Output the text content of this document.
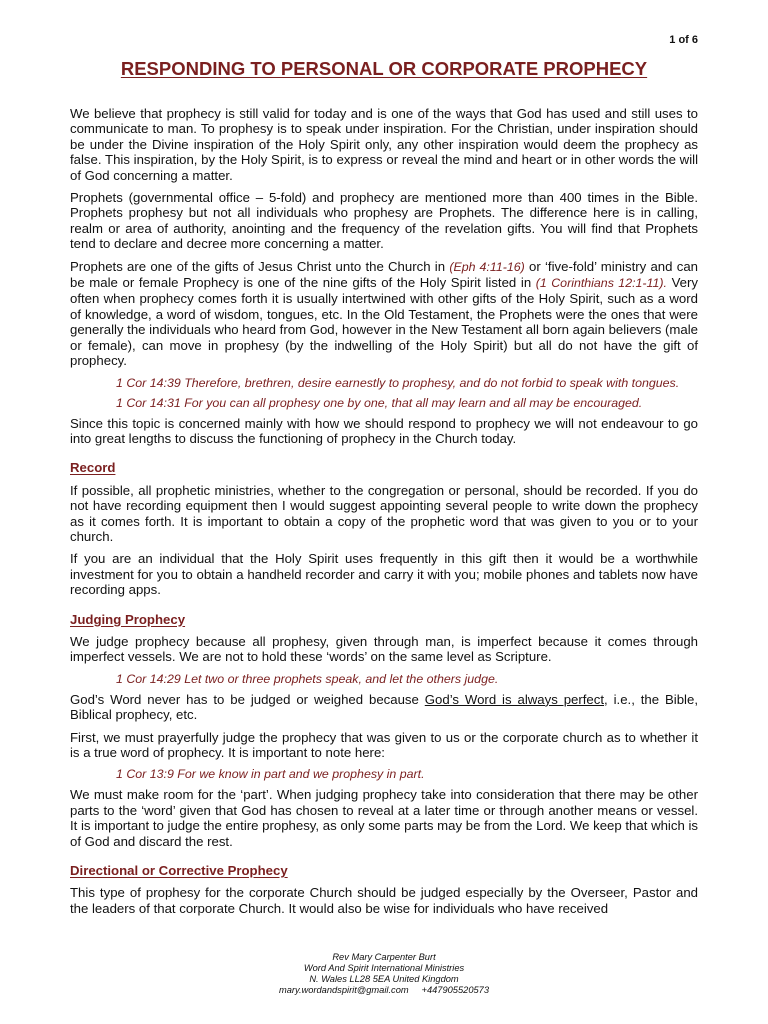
1 of 6
RESPONDING TO PERSONAL OR CORPORATE PROPHECY

We believe that prophecy is still valid for today and is one of the ways that God has used and still uses to communicate to man. To prophesy is to speak under inspiration. For the Christian, under inspiration should be under the Divine inspiration of the Holy Spirit only, any other inspiration would deem the prophecy as false. This inspiration, by the Holy Spirit, is to express or reveal the mind and heart or in other words the will of God concerning a matter.

Prophets (governmental office – 5-fold) and prophecy are mentioned more than 400 times in the Bible. Prophets prophesy but not all individuals who prophesy are Prophets. The difference here is in calling, realm or area of authority, anointing and the frequency of the revelation gifts. You will find that Prophets tend to declare and decree more concerning a matter.

Prophets are one of the gifts of Jesus Christ unto the Church in (Eph 4:11-16) or ‘five-fold’ ministry and can be male or female Prophecy is one of the nine gifts of the Holy Spirit listed in (1 Corinthians 12:1-11). Very often when prophecy comes forth it is usually intertwined with other gifts of the Holy Spirit, such as a word of knowledge, a word of wisdom, tongues, etc. In the Old Testament, the Prophets were the ones that were generally the individuals who heard from God, however in the New Testament all born again believers (male or female), can move in prophesy (by the indwelling of the Holy Spirit) but all do not have the gift of prophecy.

1 Cor 14:39 Therefore, brethren, desire earnestly to prophesy, and do not forbid to speak with tongues.

1 Cor 14:31 For you can all prophesy one by one, that all may learn and all may be encouraged.

Since this topic is concerned mainly with how we should respond to prophecy we will not endeavour to go into great lengths to discuss the functioning of prophecy in the Church today.

Record

If possible, all prophetic ministries, whether to the congregation or personal, should be recorded. If you do not have recording equipment then I would suggest appointing several people to write down the prophecy as it comes forth. It is important to obtain a copy of the prophetic word that was given to you or to your church.

If you are an individual that the Holy Spirit uses frequently in this gift then it would be a worthwhile investment for you to obtain a handheld recorder and carry it with you; mobile phones and tablets now have recording apps.

Judging Prophecy

We judge prophecy because all prophesy, given through man, is imperfect because it comes through imperfect vessels. We are not to hold these ‘words’ on the same level as Scripture.

1 Cor 14:29 Let two or three prophets speak, and let the others judge.

God’s Word never has to be judged or weighed because God’s Word is always perfect, i.e., the Bible, Biblical prophecy, etc.

First, we must prayerfully judge the prophecy that was given to us or the corporate church as to whether it is a true word of prophecy. It is important to note here:

1 Cor 13:9 For we know in part and we prophesy in part.

We must make room for the ‘part’. When judging prophecy take into consideration that there may be other parts to the ‘word’ given that God has chosen to reveal at a later time or through another means or vessel. It is important to judge the entire prophesy, as only some parts may be from the Lord. We keep that which is of God and discard the rest.

Directional or Corrective Prophecy

This type of prophesy for the corporate Church should be judged especially by the Overseer, Pastor and the leaders of that corporate Church. It would also be wise for individuals who have received

Rev Mary Carpenter Burt
Word And Spirit International Ministries
N. Wales LL28 5EA United Kingdom
mary.wordandspirit@gmail.com     +447905520573
